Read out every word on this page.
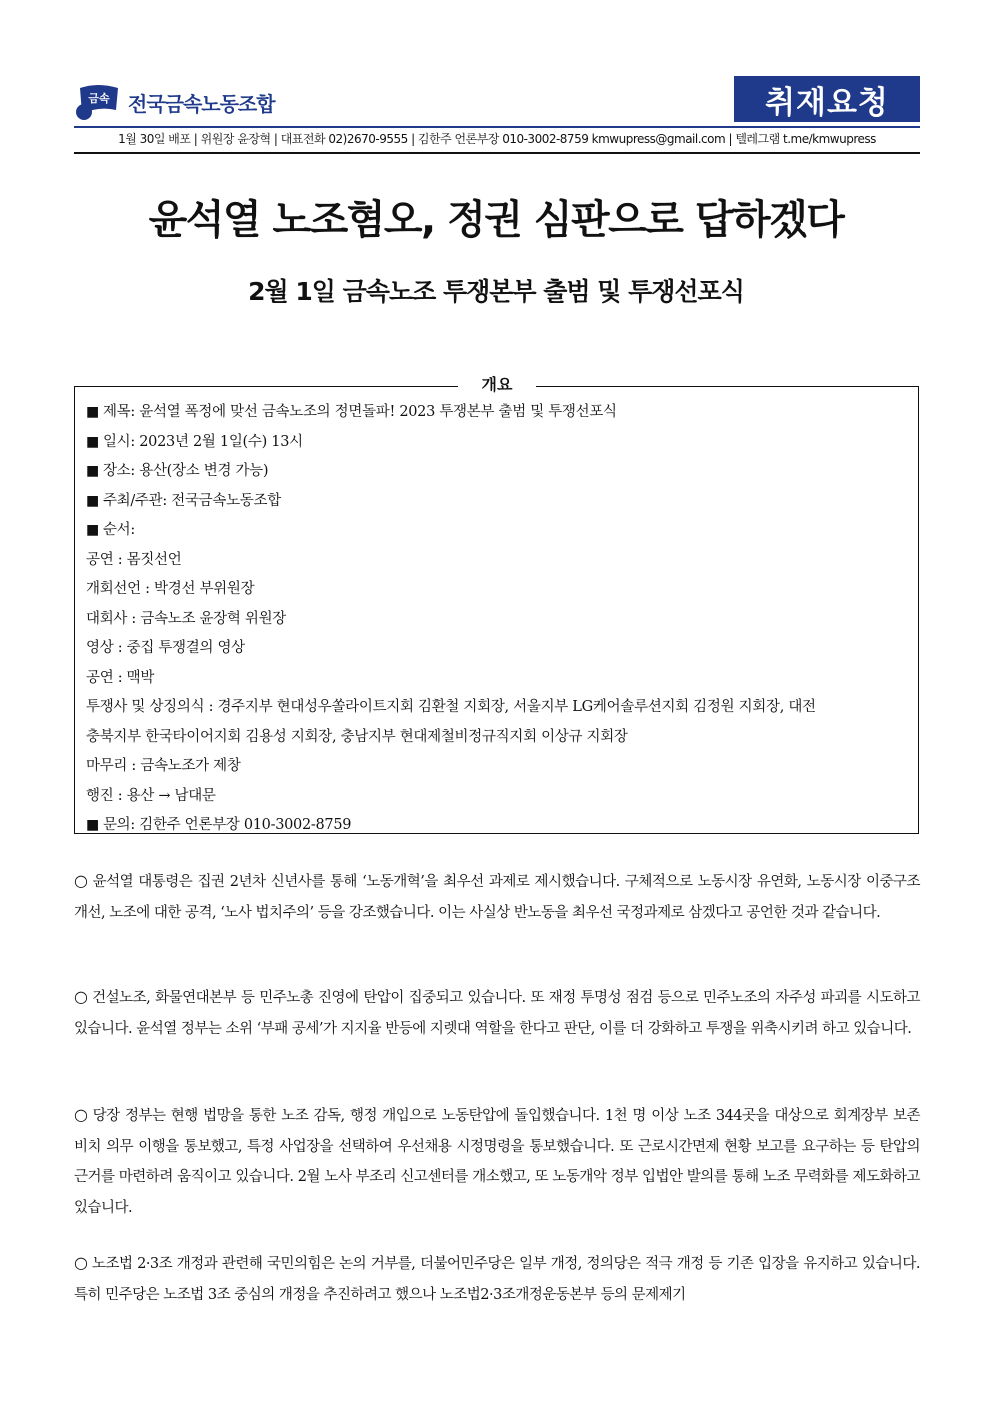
금속 전국금속노동조합	취재요청
1월 30일 배포 | 위원장 윤장혁 | 대표전화 02)2670-9555 | 김한주 언론부장 010-3002-8759 kmwupress@gmail.com | 텔레그램 t.me/kmwupress
윤석열 노조혐오, 정권 심판으로 답하겠다
2월 1일 금속노조 투쟁본부 출범 및 투쟁선포식
개요
■ 제목: 윤석열 폭정에 맞선 금속노조의 정면돌파! 2023 투쟁본부 출범 및 투쟁선포식
■ 일시: 2023년 2월 1일(수) 13시
■ 장소: 용산(장소 변경 가능)
■ 주최/주관: 전국금속노동조합
■ 순서:
공연 : 몸짓선언
개회선언 : 박경선 부위원장
대회사 : 금속노조 윤장혁 위원장
영상 : 중집 투쟁결의 영상
공연 : 맥박
투쟁사 및 상징의식 : 경주지부 현대성우쏠라이트지회 김환철 지회장, 서울지부 LG케어솔루션지회 김정원 지회장, 대전
충북지부 한국타이어지회 김용성 지회장, 충남지부 현대제철비정규직지회 이상규 지회장
마무리 : 금속노조가 제창
행진 : 용산 → 남대문
■ 문의: 김한주 언론부장 010-3002-8759
○ 윤석열 대통령은 집권 2년차 신년사를 통해 ‘노동개혁’을 최우선 과제로 제시했습니다. 구체적으로 노동시장 유연화, 노동시장 이중구조 개선, 노조에 대한 공격, ‘노사 법치주의’ 등을 강조했습니다. 이는 사실상 반노동을 최우선 국정과제로 삼겠다고 공언한 것과 같습니다.
○ 건설노조, 화물연대본부 등 민주노총 진영에 탄압이 집중되고 있습니다. 또 재정 투명성 점검 등으로 민주노조의 자주성 파괴를 시도하고 있습니다. 윤석열 정부는 소위 ‘부패 공세’가 지지율 반등에 지렛대 역할을 한다고 판단, 이를 더 강화하고 투쟁을 위축시키려 하고 있습니다.
○ 당장 정부는 현행 법망을 통한 노조 감독, 행정 개입으로 노동탄압에 돌입했습니다. 1천 명 이상 노조 344곳을 대상으로 회계장부 보존 비치 의무 이행을 통보했고, 특정 사업장을 선택하여 우선채용 시정명령을 통보했습니다. 또 근로시간면제 현황 보고를 요구하는 등 탄압의 근거를 마련하려 움직이고 있습니다. 2월 노사 부조리 신고센터를 개소했고, 또 노동개악 정부 입법안 발의를 통해 노조 무력화를 제도화하고 있습니다.
○ 노조법 2·3조 개정과 관련해 국민의힘은 논의 거부를, 더불어민주당은 일부 개정, 정의당은 적극 개정 등 기존 입장을 유지하고 있습니다. 특히 민주당은 노조법 3조 중심의 개정을 추진하려고 했으나 노조법2·3조개정운동본부 등의 문제제기
